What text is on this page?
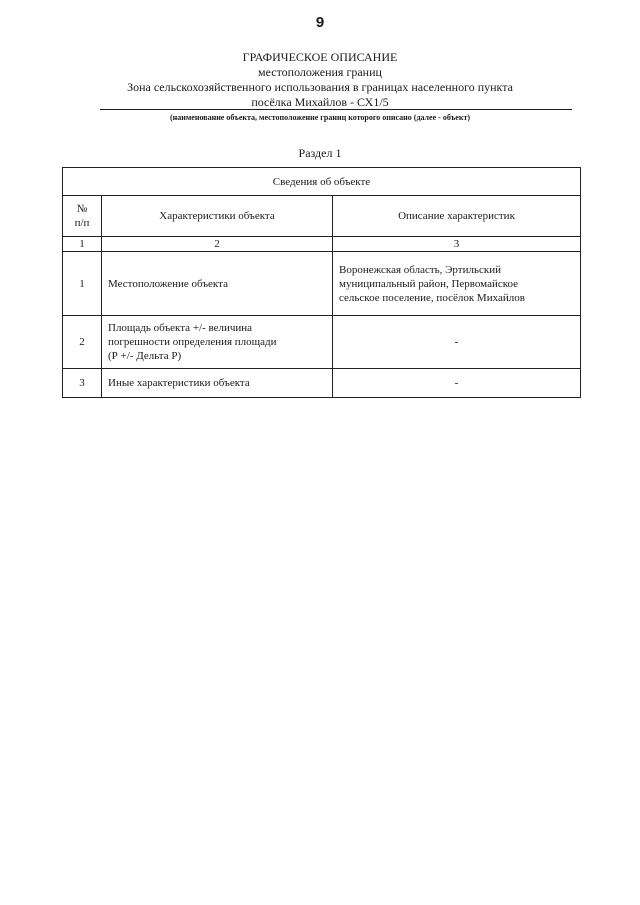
9
ГРАФИЧЕСКОЕ ОПИСАНИЕ
местоположения границ
Зона сельскохозяйственного использования в границах населенного пункта
посёлка Михайлов - СХ1/5
(наименование объекта, местоположение границ которого описано (далее - объект)
Раздел 1
Сведения об объекте		

№
п/п	Характеристики объекта	Описание характеристик
1	2	3
1	Местоположение объекта	Воронежская область, Эртильский
муниципальный район, Первомайское
сельское поселение, посёлок Михайлов

2	Площадь объекта +/- величина
погрешности определения площади
(Р +/- Дельта Р)	-

3	Иные характеристики объекта	-
